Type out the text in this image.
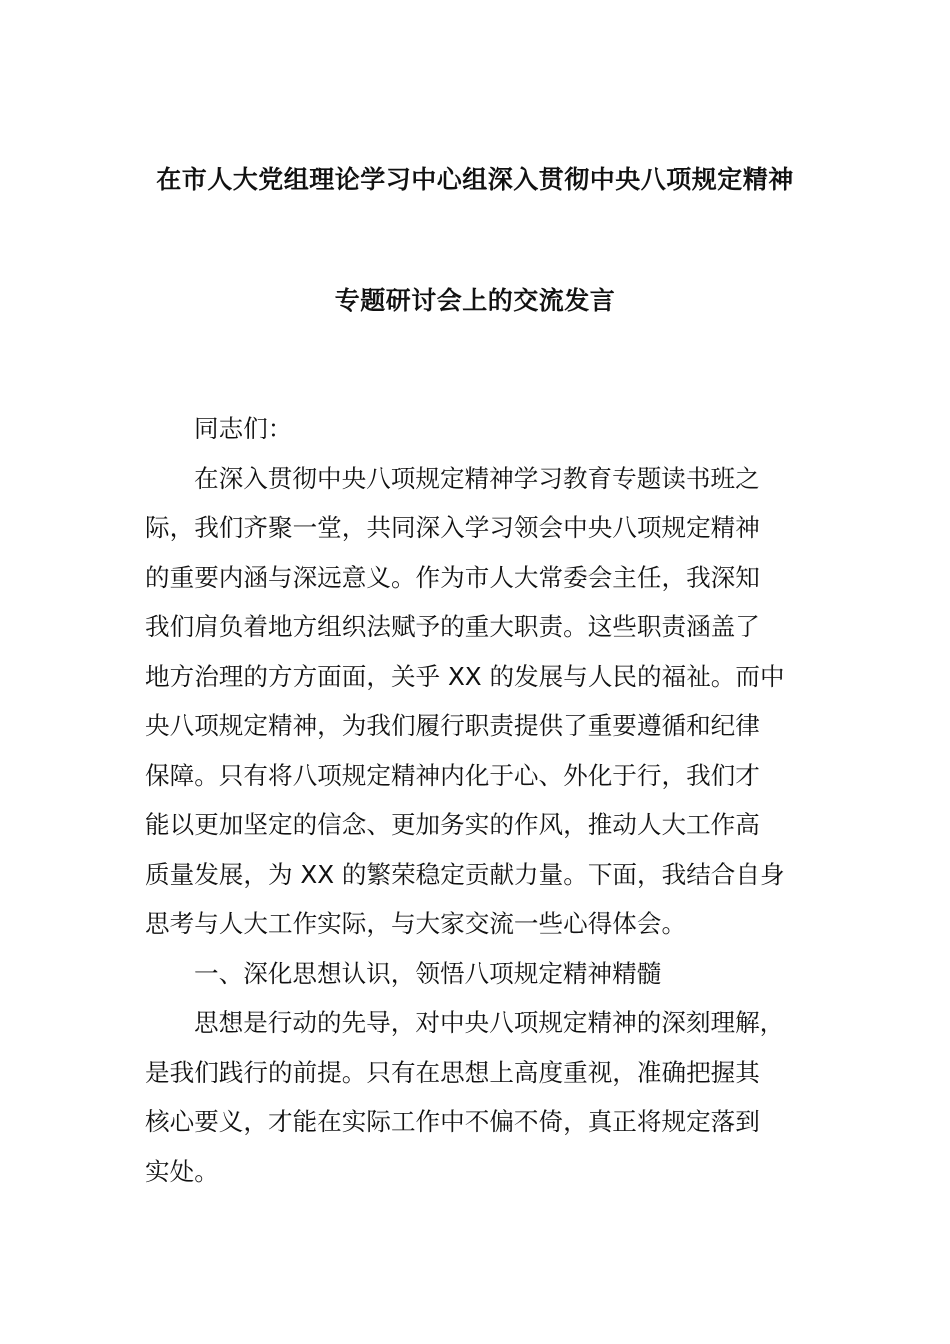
在市人大党组理论学习中心组深入贯彻中央八项规定精神
专题研讨会上的交流发言
同志们：
在深入贯彻中央八项规定精神学习教育专题读书班之
际，我们齐聚一堂，共同深入学习领会中央八项规定精神
的重要内涵与深远意义。作为市人大常委会主任，我深知
我们肩负着地方组织法赋予的重大职责。这些职责涵盖了
地方治理的方方面面，关乎 XX 的发展与人民的福祉。而中
央八项规定精神，为我们履行职责提供了重要遵循和纪律
保障。只有将八项规定精神内化于心、外化于行，我们才
能以更加坚定的信念、更加务实的作风，推动人大工作高
质量发展，为 XX 的繁荣稳定贡献力量。下面，我结合自身
思考与人大工作实际，与大家交流一些心得体会。
一、深化思想认识，领悟八项规定精神精髓
思想是行动的先导，对中央八项规定精神的深刻理解，
是我们践行的前提。只有在思想上高度重视，准确把握其
核心要义，才能在实际工作中不偏不倚，真正将规定落到
实处。
